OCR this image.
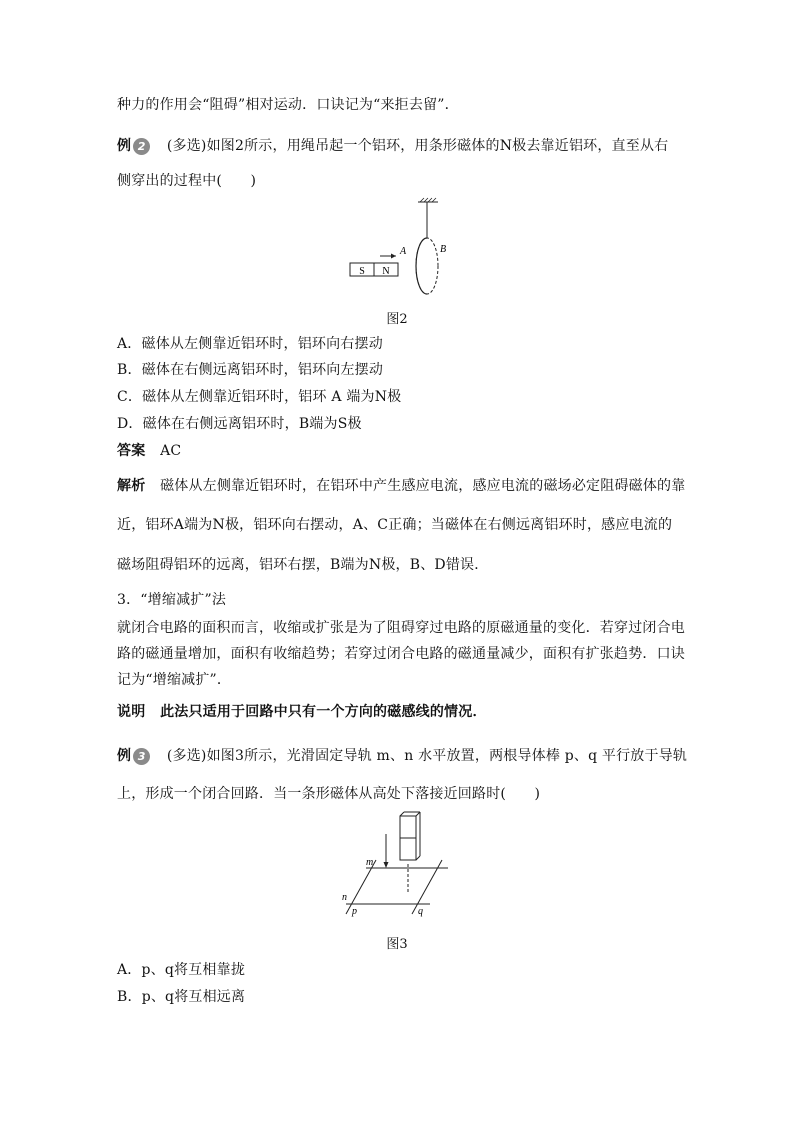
种力的作用会“阻碍”相对运动．口诀记为“来拒去留”．
例 2 (多选)如图2所示，用绳吊起一个铝环，用条形磁体的N极去靠近铝环，直至从右
侧穿出的过程中(　　)
S N
A	B
图2
A．磁体从左侧靠近铝环时，铝环向右摆动
B．磁体在右侧远离铝环时，铝环向左摆动
C．磁体从左侧靠近铝环时，铝环 A 端为N极
D．磁体在右侧远离铝环时，B端为S极
答案 AC
解析 磁体从左侧靠近铝环时，在铝环中产生感应电流，感应电流的磁场必定阻碍磁体的靠
近，铝环A端为N极，铝环向右摆动，A、C正确；当磁体在右侧远离铝环时，感应电流的
磁场阻碍铝环的远离，铝环右摆，B端为N极，B、D错误．
3．“增缩减扩”法
就闭合电路的面积而言，收缩或扩张是为了阻碍穿过电路的原磁通量的变化．若穿过闭合电
路的磁通量增加，面积有收缩趋势；若穿过闭合电路的磁通量减少，面积有扩张趋势．口诀
记为“增缩减扩”．
说明 此法只适用于回路中只有一个方向的磁感线的情况．
例 3 (多选)如图3所示，光滑固定导轨 m、n 水平放置，两根导体棒 p、q 平行放于导轨
上，形成一个闭合回路．当一条形磁体从高处下落接近回路时(　　)
m
n
p	q
图3
A．p、q将互相靠拢
B．p、q将互相远离
